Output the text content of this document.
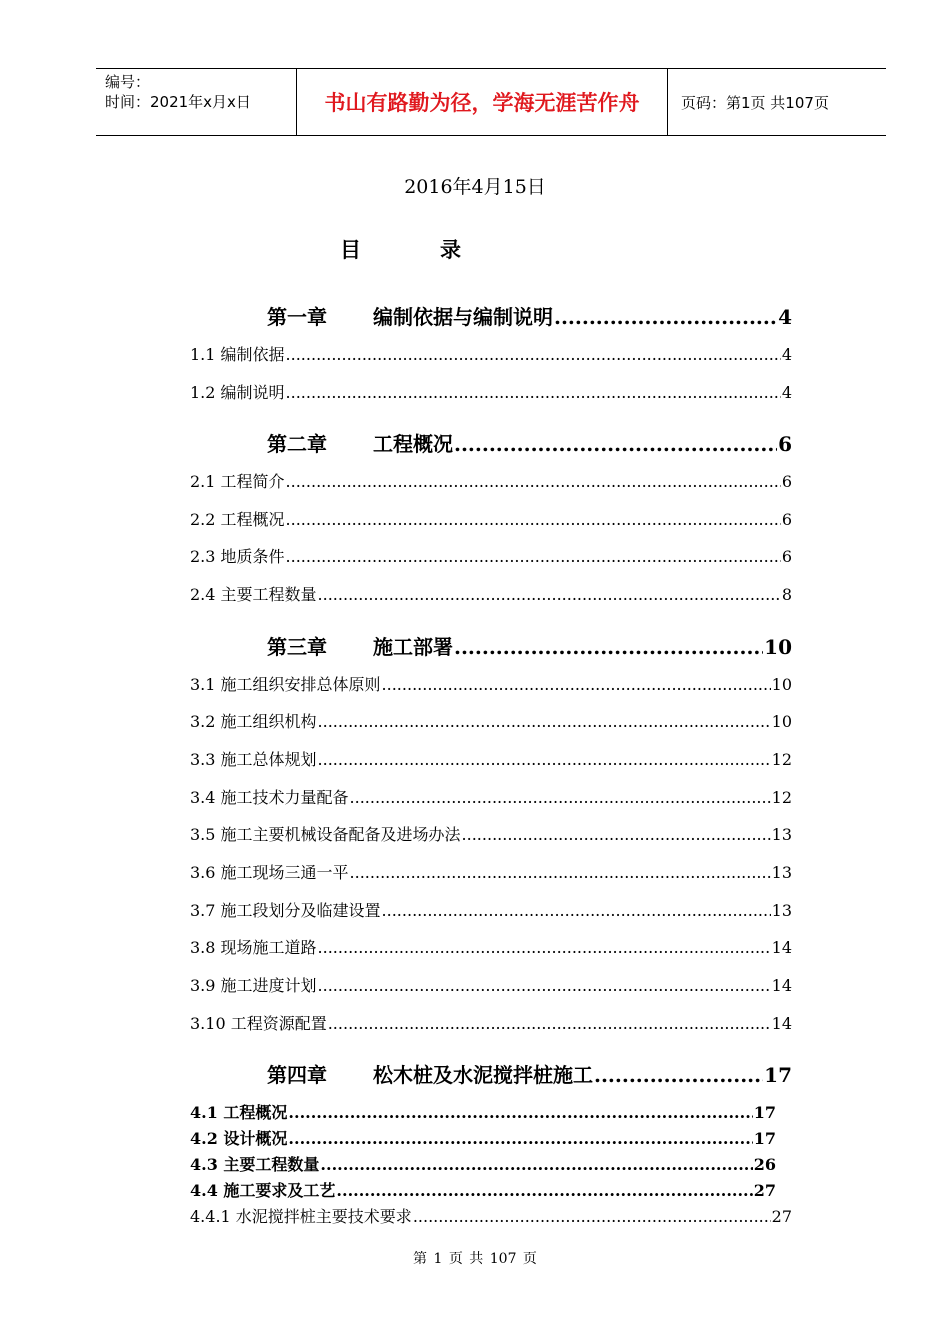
编号：
时间：2021年x月x日	书山有路勤为径，学海无涯苦作舟	页码：第1页 共107页
2016年4月15日
目	录
第一章 编制依据与编制说明 .....	4
1.1 编制依据 .....	4
1.2 编制说明 .....	4
第二章 工程概况 .....	6
2.1 工程简介 .....	6
2.2 工程概况 .....	6
2.3 地质条件 .....	6
2.4 主要工程数量 .....	8
第三章 施工部署 .....	10
3.1 施工组织安排总体原则 .....	10
3.2 施工组织机构 .....	10
3.3 施工总体规划 .....	12
3.4 施工技术力量配备 .....	12
3.5 施工主要机械设备配备及进场办法 .....	13
3.6 施工现场三通一平 .....	13
3.7 施工段划分及临建设置 .....	13
3.8 现场施工道路 .....	14
3.9 施工进度计划 .....	14
3.10 工程资源配置 .....	14
第四章 松木桩及水泥搅拌桩施工 .....	17
4.1 工程概况 .....	17
4.2 设计概况 .....	17
4.3 主要工程数量 .....	26
4.4 施工要求及工艺 .....	27
4.4.1 水泥搅拌桩主要技术要求 .....	27
第 1 页 共 107 页
